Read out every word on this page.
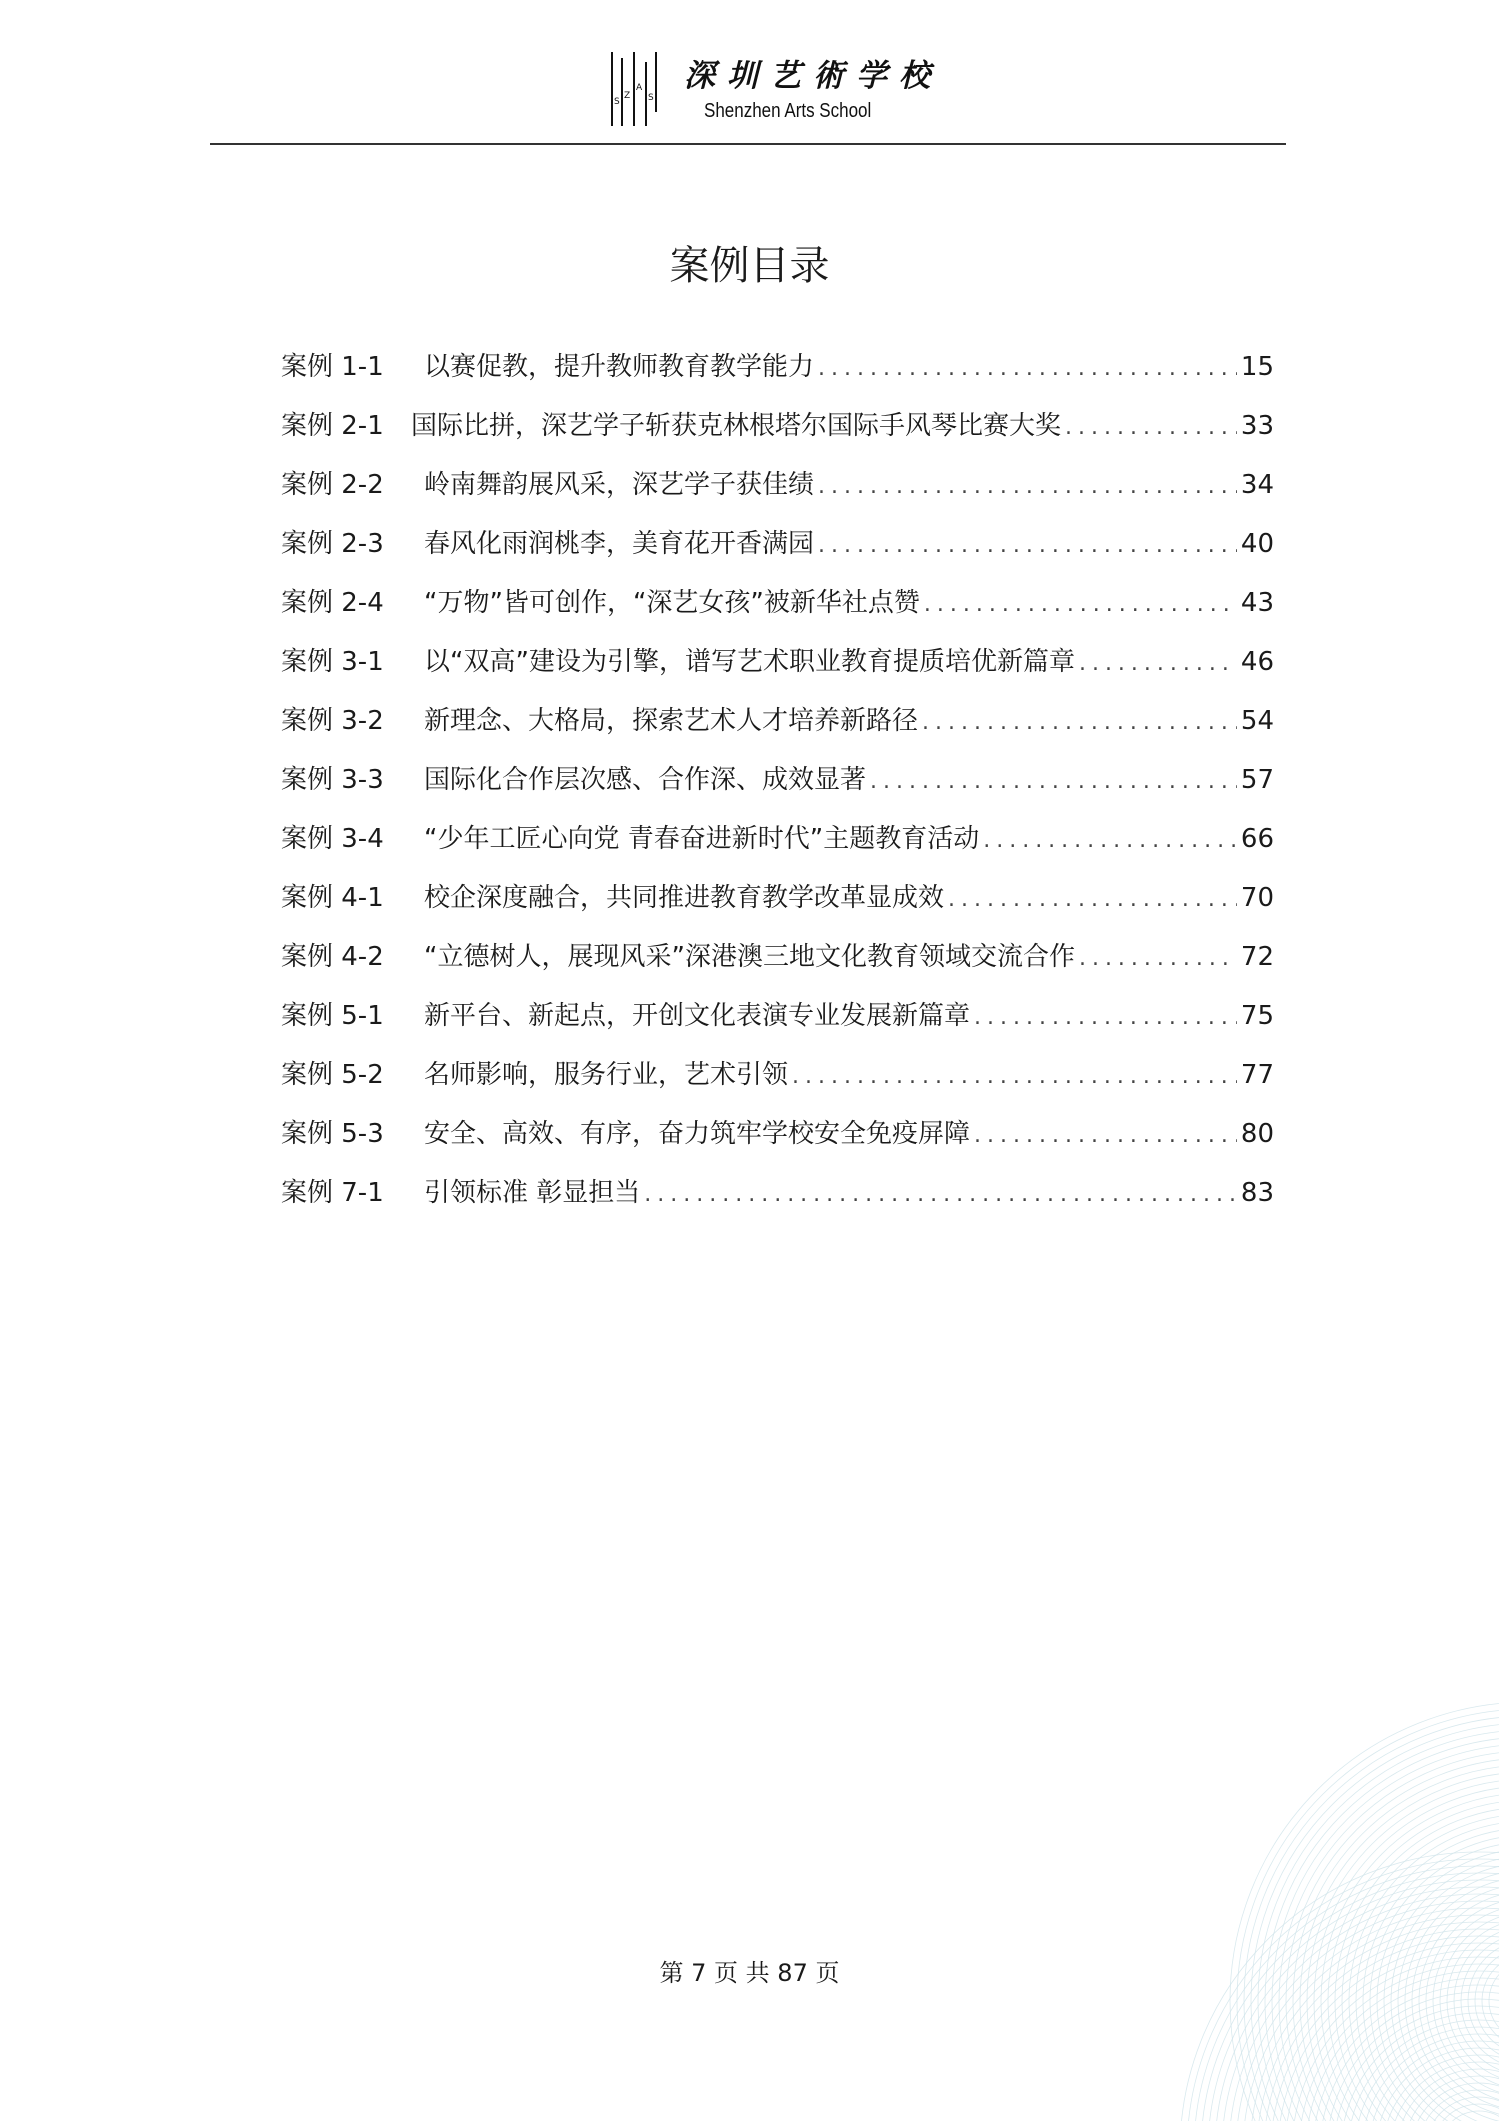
S
Z
A
S
深圳艺術学校
Shenzhen Arts School
案例目录
案例 1-1	以赛促教，提升教师教育教学能力 .....	15
案例 2-1	国际比拼，深艺学子斩获克林根塔尔国际手风琴比赛大奖 .....	33
案例 2-2	岭南舞韵展风采，深艺学子获佳绩 .....	34
案例 2-3	春风化雨润桃李，美育花开香满园 .....	40
案例 2-4	“万物”皆可创作，“深艺女孩”被新华社点赞 .....	43
案例 3-1	以“双高”建设为引擎，谱写艺术职业教育提质培优新篇章 .....	46
案例 3-2	新理念、大格局，探索艺术人才培养新路径 .....	54
案例 3-3	国际化合作层次感、合作深、成效显著 .....	57
案例 3-4	“少年工匠心向党 青春奋进新时代”主题教育活动 .....	66
案例 4-1	校企深度融合，共同推进教育教学改革显成效 .....	70
案例 4-2	“立德树人，展现风采”深港澳三地文化教育领域交流合作 .....	72
案例 5-1	新平台、新起点，开创文化表演专业发展新篇章 .....	75
案例 5-2	名师影响，服务行业，艺术引领 .....	77
案例 5-3	安全、高效、有序，奋力筑牢学校安全免疫屏障 .....	80
案例 7-1	引领标准 彰显担当 .....	83
第 7 页 共 87 页
